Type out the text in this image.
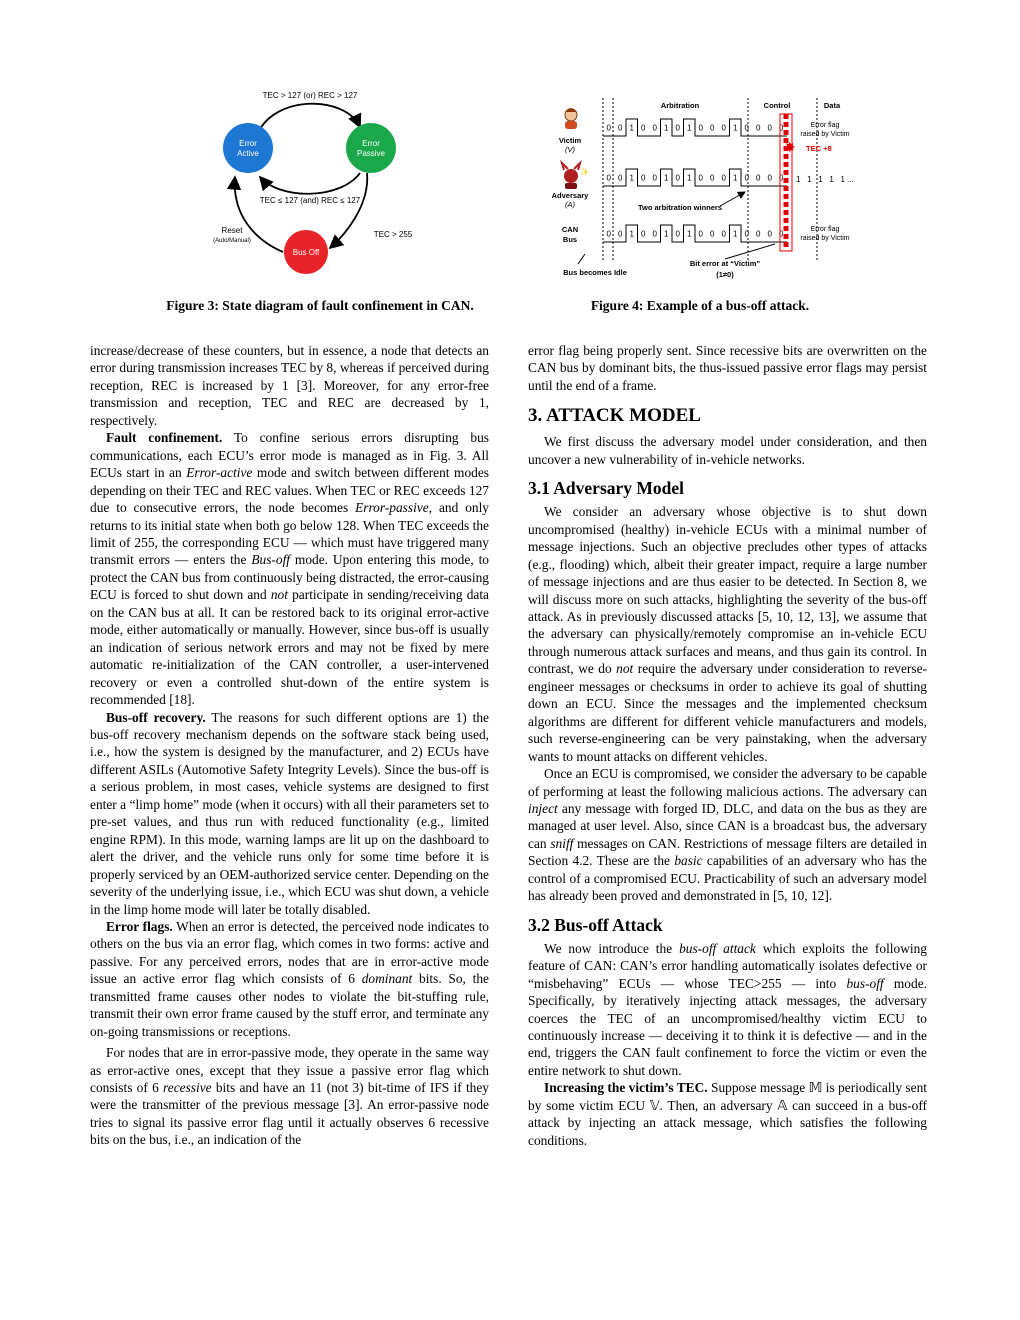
Error
Active
Error
Passive
Bus Off
TEC > 127 (or) REC > 127
TEC ≤ 127 (and) REC ≤ 127
TEC > 255
Reset
(Auto/Manual)
Arbitration	Control	Data
Victim
(V)
✨
Adversary
(A)
CAN
Bus
0 0 1 0 0 1 0 1 0 0 0 1 0 0 0 0
0 0 1 0 0 1 0 1 0 0 0 1 0 0 0 0
0 0 1 0 0 1 0 1 0 0 0 1 0 0 0 0
1   1   1   1   1 ...
✸
Error flag
raised by Victim
TEC +8
Error flag
raised by Victim
Two arbitration winners
Bus becomes Idle
Bit error at “Victim”
(1≠0)
Figure 3: State diagram of fault confinement in CAN.	Figure 4: Example of a bus-off attack.

increase/decrease of these counters, but in essence, a node that detects an error during transmission increases TEC by 8, whereas if perceived during reception, REC is increased by 1 [3]. Moreover, for any error-free transmission and reception, TEC and REC are decreased by 1, respectively.

Fault confinement. To confine serious errors disrupting bus communications, each ECU’s error mode is managed as in Fig. 3. All ECUs start in an Error-active mode and switch between different modes depending on their TEC and REC values. When TEC or REC exceeds 127 due to consecutive errors, the node becomes Error-passive, and only returns to its initial state when both go below 128. When TEC exceeds the limit of 255, the corresponding ECU — which must have triggered many transmit errors — enters the Bus-off mode. Upon entering this mode, to protect the CAN bus from continuously being distracted, the error-causing ECU is forced to shut down and not participate in sending/receiving data on the CAN bus at all. It can be restored back to its original error-active mode, either automatically or manually. However, since bus-off is usually an indication of serious network errors and may not be fixed by mere automatic re-initialization of the CAN controller, a user-intervened recovery or even a controlled shut-down of the entire system is recommended [18].

Bus-off recovery. The reasons for such different options are 1) the bus-off recovery mechanism depends on the software stack being used, i.e., how the system is designed by the manufacturer, and 2) ECUs have different ASILs (Automotive Safety Integrity Levels). Since the bus-off is a serious problem, in most cases, vehicle systems are designed to first enter a “limp home” mode (when it occurs) with all their parameters set to pre-set values, and thus run with reduced functionality (e.g., limited engine RPM). In this mode, warning lamps are lit up on the dashboard to alert the driver, and the vehicle runs only for some time before it is properly serviced by an OEM-authorized service center. Depending on the severity of the underlying issue, i.e., which ECU was shut down, a vehicle in the limp home mode will later be totally disabled.

Error flags. When an error is detected, the perceived node indicates to others on the bus via an error flag, which comes in two forms: active and passive. For any perceived errors, nodes that are in error-active mode issue an active error flag which consists of 6 dominant bits. So, the transmitted frame causes other nodes to violate the bit-stuffing rule, transmit their own error frame caused by the stuff error, and terminate any on-going transmissions or receptions.

For nodes that are in error-passive mode, they operate in the same way as error-active ones, except that they issue a passive error flag which consists of 6 recessive bits and have an 11 (not 3) bit-time of IFS if they were the transmitter of the previous message [3]. An error-passive node tries to signal its passive error flag until it actually observes 6 recessive bits on the bus, i.e., an indication of the

error flag being properly sent. Since recessive bits are overwritten on the CAN bus by dominant bits, the thus-issued passive error flags may persist until the end of a frame.

3. ATTACK MODEL

We first discuss the adversary model under consideration, and then uncover a new vulnerability of in-vehicle networks.

3.1 Adversary Model

We consider an adversary whose objective is to shut down uncompromised (healthy) in-vehicle ECUs with a minimal number of message injections. Such an objective precludes other types of attacks (e.g., flooding) which, albeit their greater impact, require a large number of message injections and are thus easier to be detected. In Section 8, we will discuss more on such attacks, highlighting the severity of the bus-off attack. As in previously discussed attacks [5, 10, 12, 13], we assume that the adversary can physically/remotely compromise an in-vehicle ECU through numerous attack surfaces and means, and thus gain its control. In contrast, we do not require the adversary under consideration to reverse-engineer messages or checksums in order to achieve its goal of shutting down an ECU. Since the messages and the implemented checksum algorithms are different for different vehicle manufacturers and models, such reverse-engineering can be very painstaking, when the adversary wants to mount attacks on different vehicles.

Once an ECU is compromised, we consider the adversary to be capable of performing at least the following malicious actions. The adversary can inject any message with forged ID, DLC, and data on the bus as they are managed at user level. Also, since CAN is a broadcast bus, the adversary can sniff messages on CAN. Restrictions of message filters are detailed in Section 4.2. These are the basic capabilities of an adversary who has the control of a compromised ECU. Practicability of such an adversary model has already been proved and demonstrated in [5, 10, 12].

3.2 Bus-off Attack

We now introduce the bus-off attack which exploits the following feature of CAN: CAN’s error handling automatically isolates defective or “misbehaving” ECUs — whose TEC>255 — into bus-off mode. Specifically, by iteratively injecting attack messages, the adversary coerces the TEC of an uncompromised/healthy victim ECU to continuously increase — deceiving it to think it is defective — and in the end, triggers the CAN fault confinement to force the victim or even the entire network to shut down.

Increasing the victim’s TEC. Suppose message 𝕄 is periodically sent by some victim ECU 𝕍. Then, an adversary 𝔸 can succeed in a bus-off attack by injecting an attack message, which satisfies the following conditions.
